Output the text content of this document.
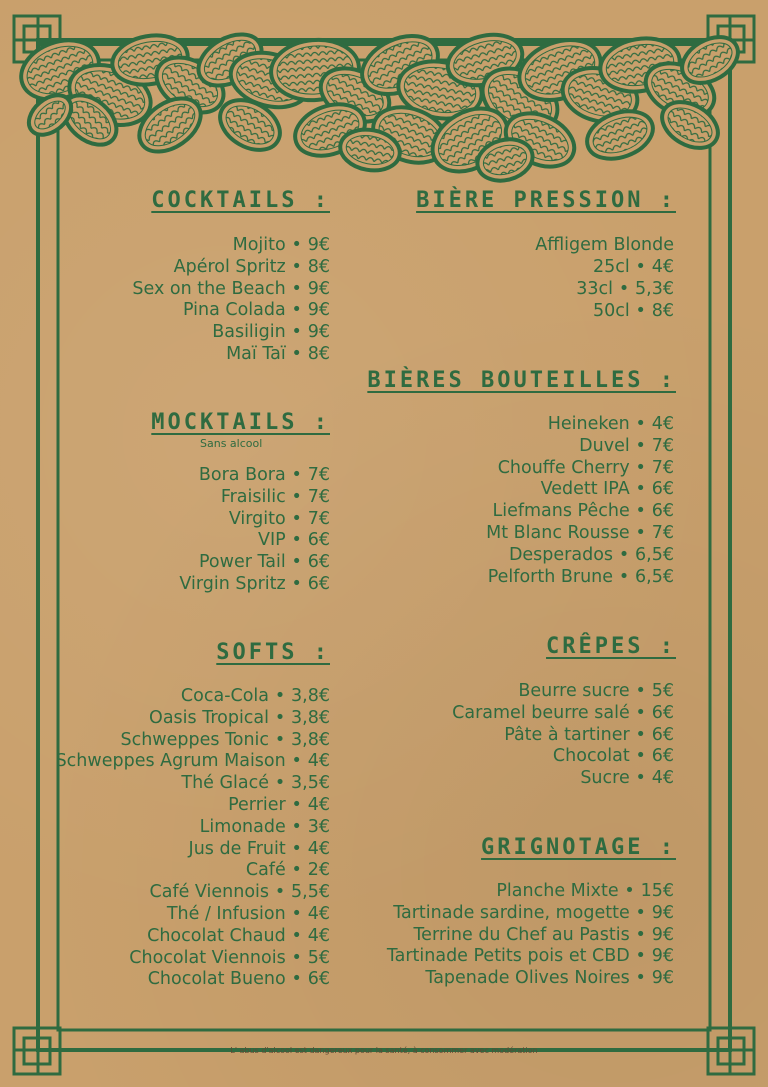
COCKTAILS :
Mojito • 9€
Apérol Spritz • 8€
Sex on the Beach • 9€
Pina Colada • 9€
Basiligin • 9€
Maï Taï • 8€
MOCKTAILS :
Sans alcool
Bora Bora • 7€
Fraisilic • 7€
Virgito • 7€
VIP • 6€
Power Tail • 6€
Virgin Spritz • 6€
SOFTS :
Coca-Cola • 3,8€
Oasis Tropical • 3,8€
Schweppes Tonic • 3,8€
Schweppes Agrum Maison • 4€
Thé Glacé • 3,5€
Perrier • 4€
Limonade • 3€
Jus de Fruit • 4€
Café • 2€
Café Viennois • 5,5€
Thé / Infusion • 4€
Chocolat Chaud • 4€
Chocolat Viennois • 5€
Chocolat Bueno • 6€
BIÈRE PRESSION :
Affligem Blonde
25cl • 4€
33cl • 5,3€
50cl • 8€
BIÈRES BOUTEILLES :
Heineken • 4€
Duvel • 7€
Chouffe Cherry • 7€
Vedett IPA • 6€
Liefmans Pêche • 6€
Mt Blanc Rousse • 7€
Desperados • 6,5€
Pelforth Brune • 6,5€
CRÊPES :
Beurre sucre • 5€
Caramel beurre salé • 6€
Pâte à tartiner • 6€
Chocolat • 6€
Sucre • 4€
GRIGNOTAGE :
Planche Mixte • 15€
Tartinade sardine, mogette • 9€
Terrine du Chef au Pastis • 9€
Tartinade Petits pois et CBD • 9€
Tapenade Olives Noires • 9€
L' abus d'alcool est dangereux pour la santé, à consommer avec modération
